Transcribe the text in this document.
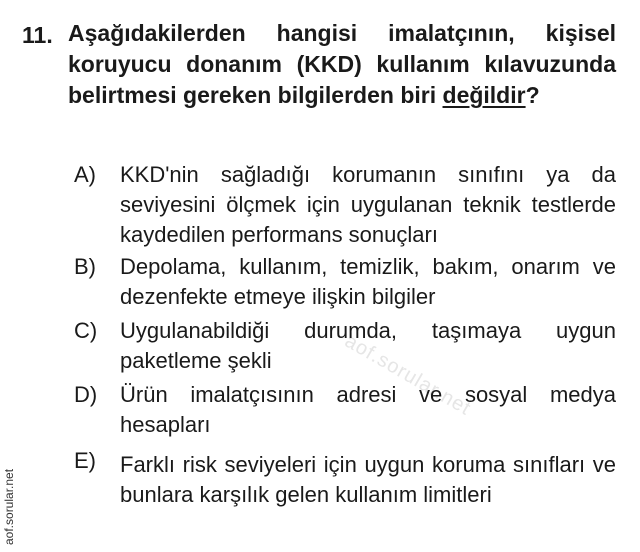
11. Aşağıdakilerden hangisi imalatçının, kişisel koruyucu donanım (KKD) kullanım kılavuzunda belirtmesi gereken bilgilerden biri değildir?
aof.sorular.net
A) KKD'nin sağladığı korumanın sınıfını ya da seviyesini ölçmek için uygulanan teknik testlerde kaydedilen performans sonuçları
B) Depolama, kullanım, temizlik, bakım, onarım ve dezenfekte etmeye ilişkin bilgiler
C) Uygulanabildiği durumda, taşımaya uygun paketleme şekli
D) Ürün imalatçısının adresi ve sosyal medya hesapları
E) Farklı risk seviyeleri için uygun koruma sınıfları ve bunlara karşılık gelen kullanım limitleri
aof.sorular.net
